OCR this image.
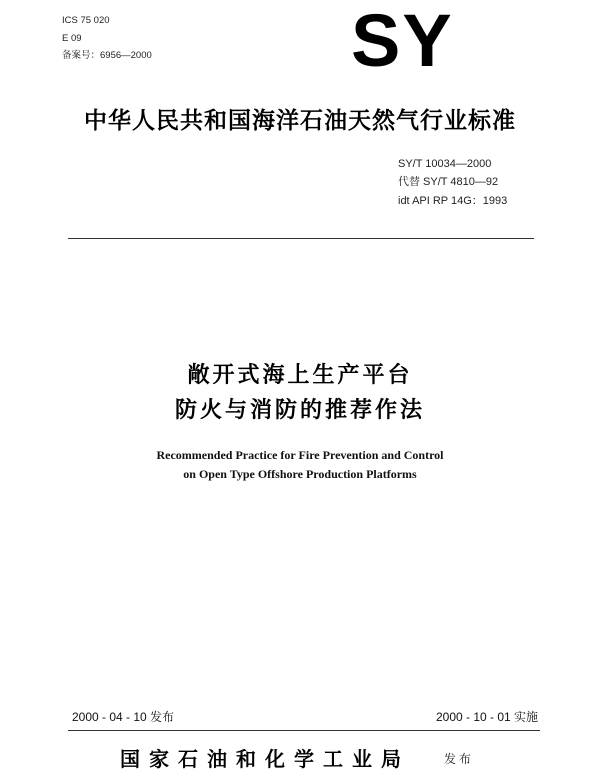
ICS 75 020
E 09
备案号：6956—2000	SY
中华人民共和国海洋石油天然气行业标准
SY/T 10034—2000
代替 SY/T 4810—92
idt API RP 14G：1993
敞开式海上生产平台
防火与消防的推荐作法
Recommended Practice for Fire Prevention and Control
on Open Type Offshore Production Platforms
2000 - 04 - 10 发布	2000 - 10 - 01 实施
国家石油和化学工业局	发布
